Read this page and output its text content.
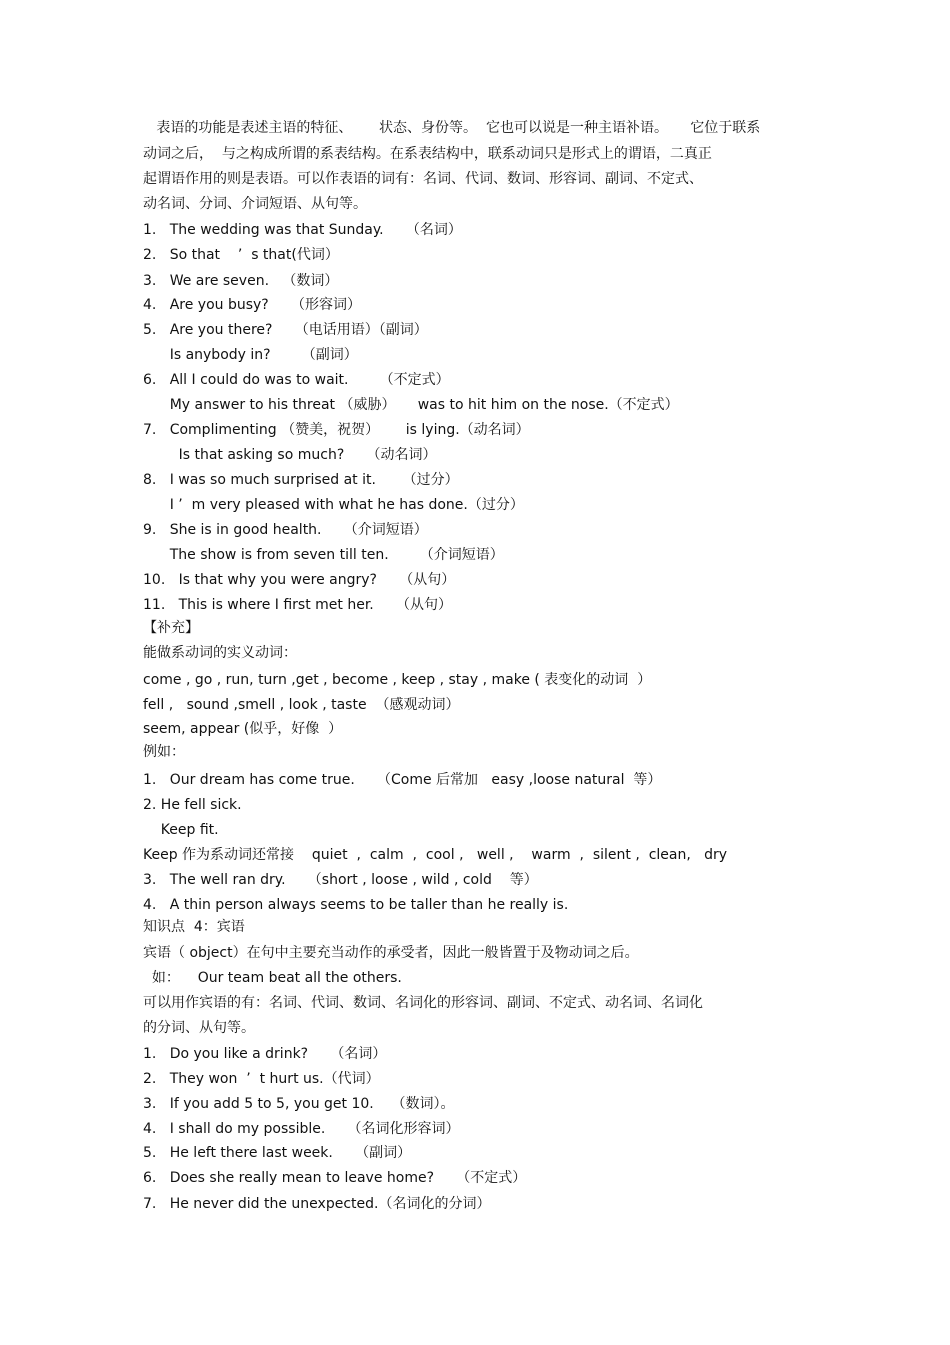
表语的功能是表述主语的特征、      状态、身份等。  它也可以说是一种主语补语。     它位于联系
动词之后，  与之构成所谓的系表结构。在系表结构中，联系动词只是形式上的谓语，二真正
起谓语作用的则是表语。可以作表语的词有：名词、代词、数词、形容词、副词、不定式、
动名词、分词、介词短语、从句等。
1.   The wedding was that Sunday.     （名词）
2.   So that    ’  s that(代词）
3.   We are seven.   （数词）
4.   Are you busy?     （形容词）
5.   Are you there?     （电话用语）（副词）
Is anybody in?       （副词）
6.   All I could do was to wait.       （不定式）
My answer to his threat （威胁）     was to hit him on the nose.（不定式）
7.   Complimenting （赞美，祝贺）      is lying.（动名词）
Is that asking so much?     （动名词）
8.   I was so much surprised at it.      （过分）
I ’  m very pleased with what he has done.（过分）
9.   She is in good health.     （介词短语）
The show is from seven till ten.       （介词短语）
10.   Is that why you were angry?     （从句）
11.   This is where I first met her.     （从句）
【补充】
能做系动词的实义动词：
come , go , run, turn ,get , become , keep , stay , make ( 表变化的动词  ）
fell ,   sound ,smell , look , taste  （感观动词）
seem, appear (似乎，好像  ）
例如：
1.   Our dream has come true.     （Come 后常加   easy ,loose natural  等）
2. He fell sick.
Keep fit.
Keep 作为系动词还常接    quiet  ,  calm  ,  cool ,   well ,    warm  ,  silent ,  clean,   dry
3.   The well ran dry.     （short , loose , wild , cold    等）
4.   A thin person always seems to be taller than he really is.
知识点  4：宾语
宾语（ object）在句中主要充当动作的承受者，因此一般皆置于及物动词之后。
如：    Our team beat all the others.
可以用作宾语的有：名词、代词、数词、名词化的形容词、副词、不定式、动名词、名词化
的分词、从句等。
1.   Do you like a drink?     （名词）
2.   They won  ’  t hurt us.（代词）
3.   If you add 5 to 5, you get 10.    （数词）。
4.   I shall do my possible.     （名词化形容词）
5.   He left there last week.     （副词）
6.   Does she really mean to leave home?     （不定式）
7.   He never did the unexpected.（名词化的分词）
